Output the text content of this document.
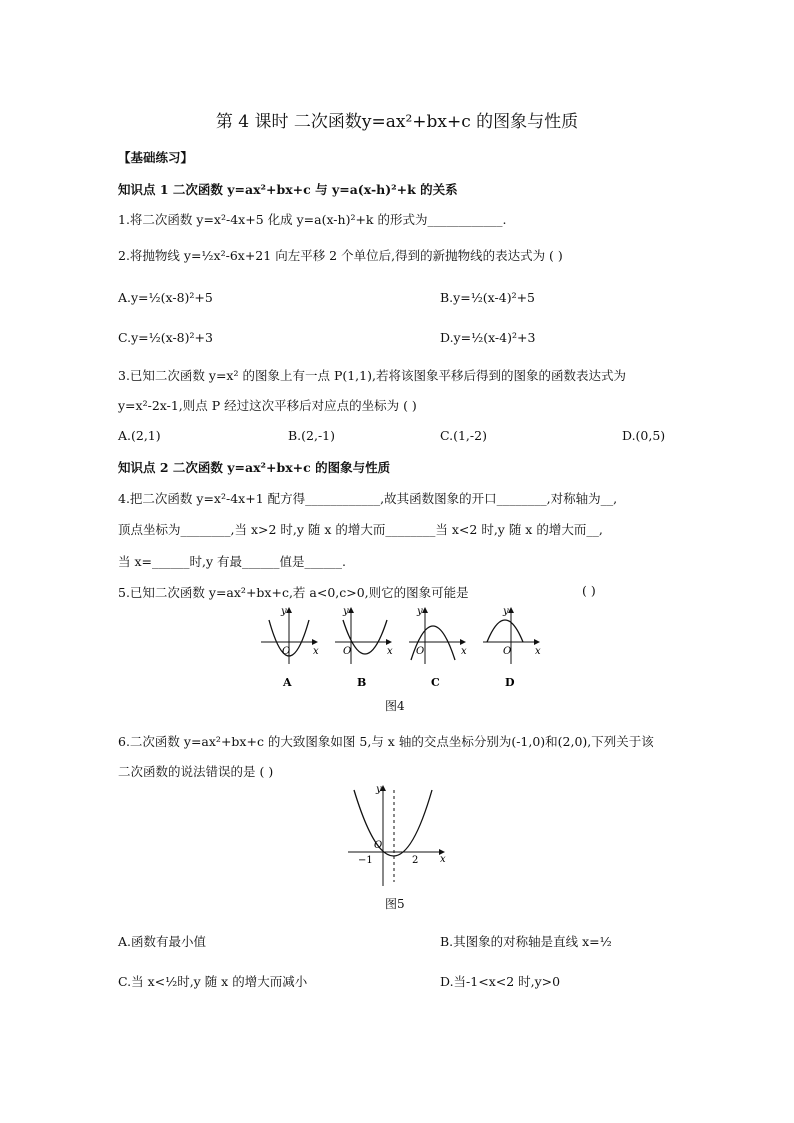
第 4 课时 二次函数y=ax²+bx+c 的图象与性质
【基础练习】
知识点 1 二次函数 y=ax²+bx+c 与 y=a(x-h)²+k 的关系
1.将二次函数 y=x²-4x+5 化成 y=a(x-h)²+k 的形式为____________.
2.将抛物线 y=½x²-6x+21 向左平移 2 个单位后,得到的新抛物线的表达式为 ( )
A.y=½(x-8)²+5	B.y=½(x-4)²+5
C.y=½(x-8)²+3	D.y=½(x-4)²+3
3.已知二次函数 y=x² 的图象上有一点 P(1,1),若将该图象平移后得到的图象的函数表达式为
y=x²-2x-1,则点 P 经过这次平移后对应点的坐标为 ( )
A.(2,1)	B.(2,-1)	C.(1,-2)	D.(0,5)
知识点 2 二次函数 y=ax²+bx+c 的图象与性质
4.把二次函数 y=x²-4x+1 配方得____________,故其函数图象的开口________,对称轴为__,
顶点坐标为________,当 x>2 时,y 随 x 的增大而________当 x<2 时,y 随 x 的增大而__,
当 x=______时,y 有最______值是______.
5.已知二次函数 y=ax²+bx+c,若 a<0,c>0,则它的图象可能是	( )
O x
y
A
O	x
y
B
O	x
y
C
O x
y
D
图4
6.二次函数 y=ax²+bx+c 的大致图象如图 5,与 x 轴的交点坐标分别为(-1,0)和(2,0),下列关于该
二次函数的说法错误的是 ( )
O
x
y
−1	2
图5
A.函数有最小值	B.其图象的对称轴是直线 x=½
C.当 x<½时,y 随 x 的增大而减小	D.当-1<x<2 时,y>0
